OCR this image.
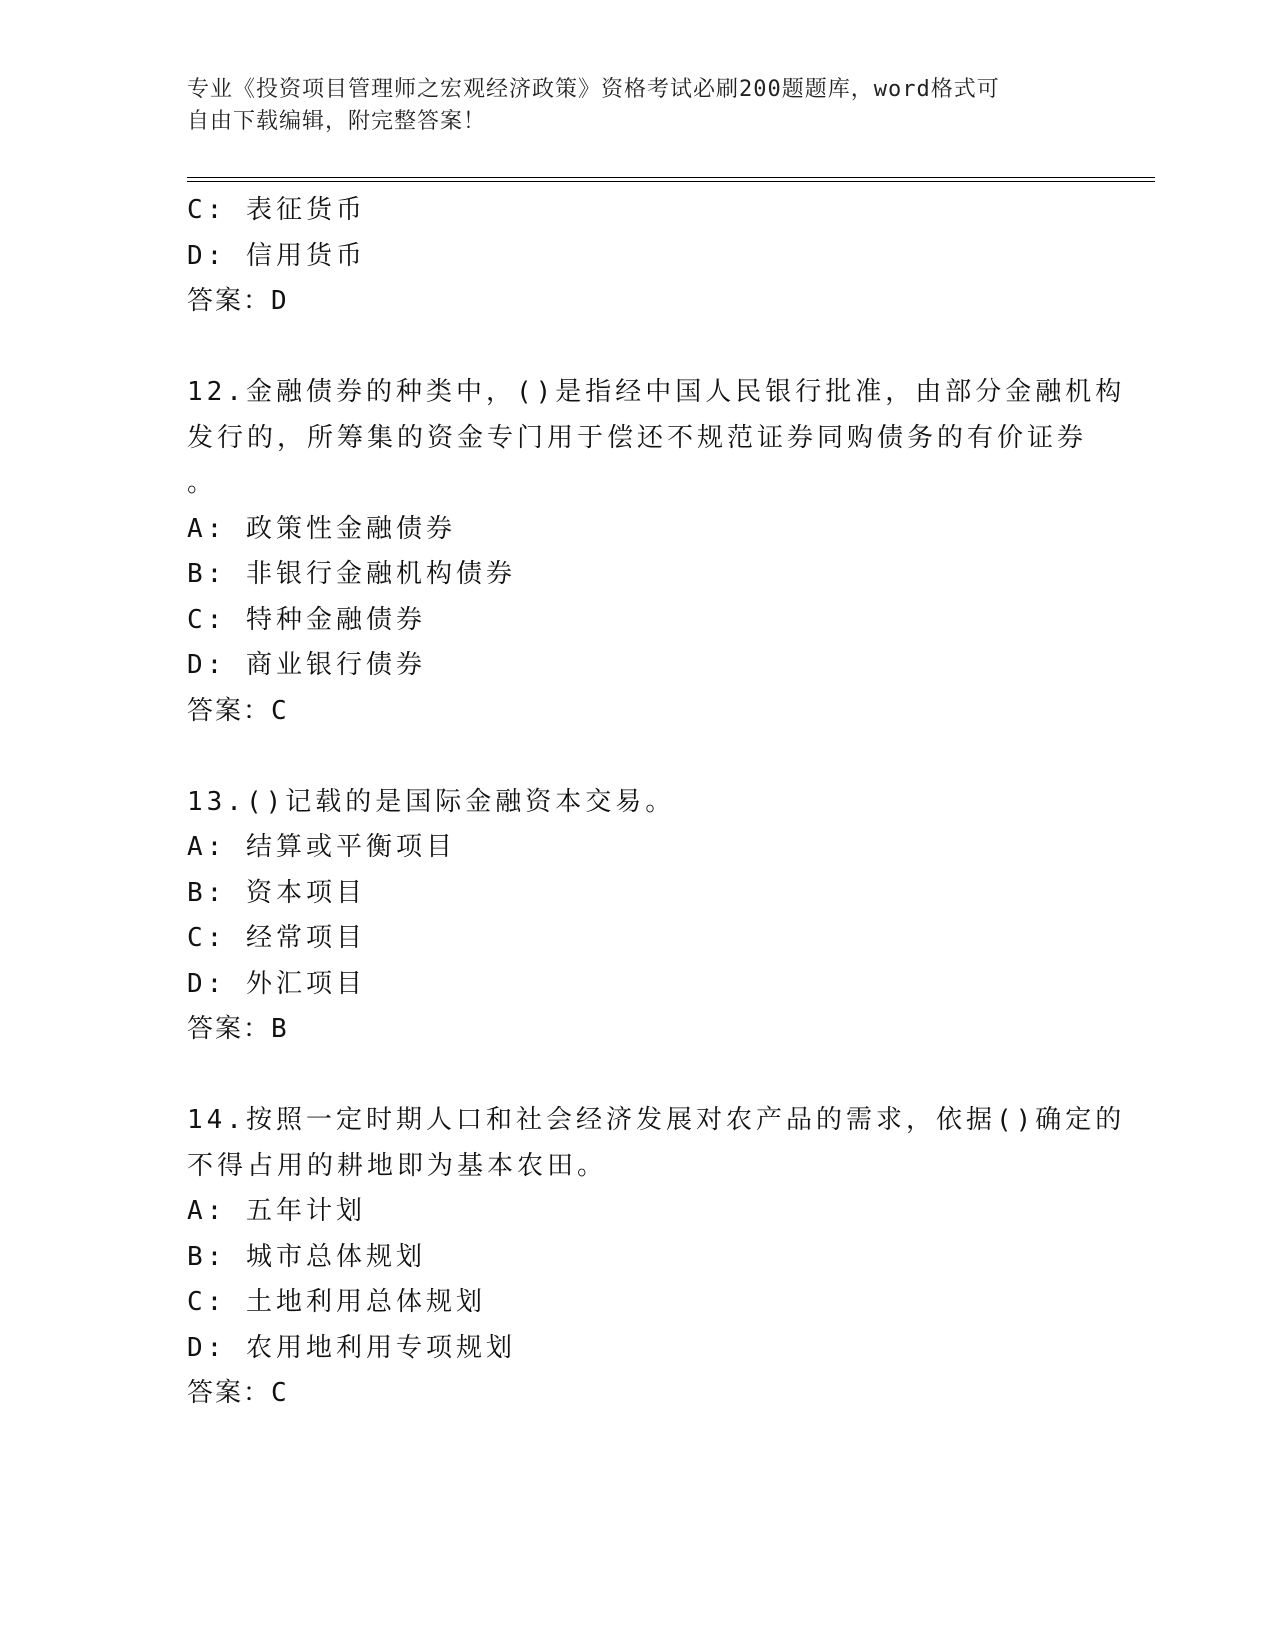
专业《投资项目管理师之宏观经济政策》资格考试必刷200题题库，word格式可
自由下载编辑，附完整答案！
C: 表征货币
D: 信用货币
答案：D
12.金融债券的种类中，()是指经中国人民银行批准，由部分金融机构
发行的，所筹集的资金专门用于偿还不规范证券同购债务的有价证券
。
A: 政策性金融债券
B: 非银行金融机构债券
C: 特种金融债券
D: 商业银行债券
答案：C
13.()记载的是国际金融资本交易。
A: 结算或平衡项目
B: 资本项目
C: 经常项目
D: 外汇项目
答案：B
14.按照一定时期人口和社会经济发展对农产品的需求，依据()确定的
不得占用的耕地即为基本农田。
A: 五年计划
B: 城市总体规划
C: 土地利用总体规划
D: 农用地利用专项规划
答案：C
